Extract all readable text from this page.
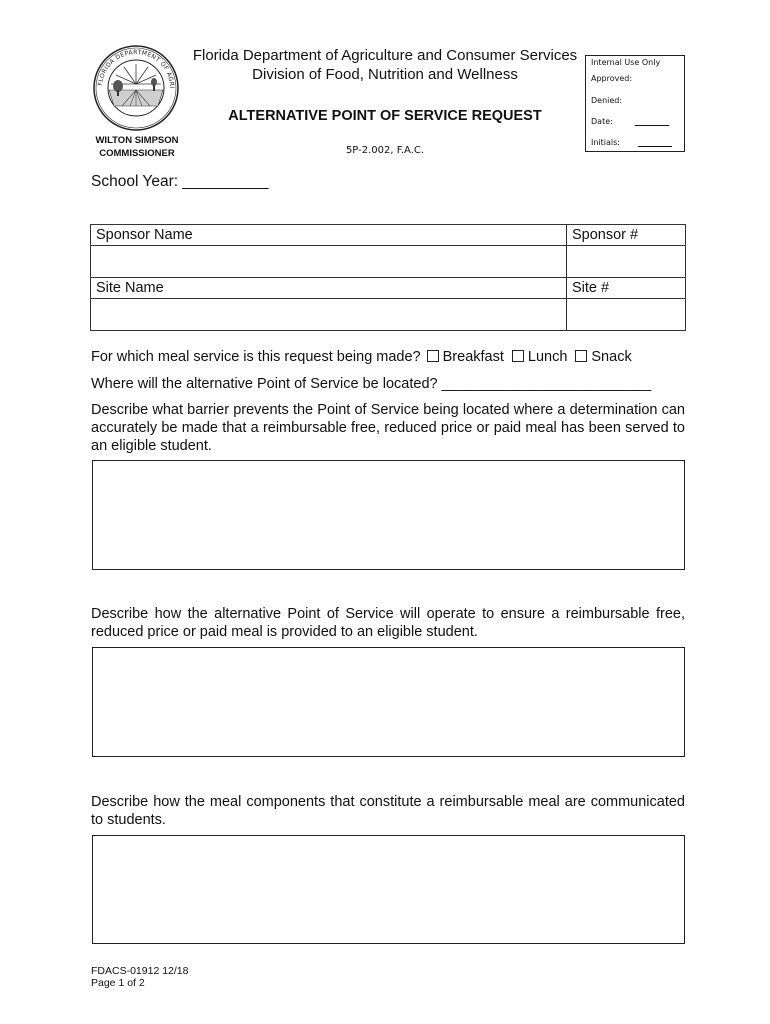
FLORIDA DEPARTMENT OF AGRI
WILTON SIMPSON
COMMISSIONER
Florida Department of Agriculture and Consumer Services
Division of Food, Nutrition and Wellness
ALTERNATIVE POINT OF SERVICE REQUEST
5P-2.002, F.A.C.
Internal Use Only
Approved:
Denied:
Date:
Initials:
School Year: __________
Sponsor Name	Sponsor #

Site Name	Site #

For which meal service is this request being made? Breakfast Lunch Snack
Where will the alternative Point of Service be located? __________________________
Describe what barrier prevents the Point of Service being located where a determination can accurately be made that a reimbursable free, reduced price or paid meal has been served to an eligible student.
Describe how the alternative Point of Service will operate to ensure a reimbursable free, reduced price or paid meal is provided to an eligible student.
Describe how the meal components that constitute a reimbursable meal are communicated to students.
FDACS-01912 12/18
Page 1 of 2
